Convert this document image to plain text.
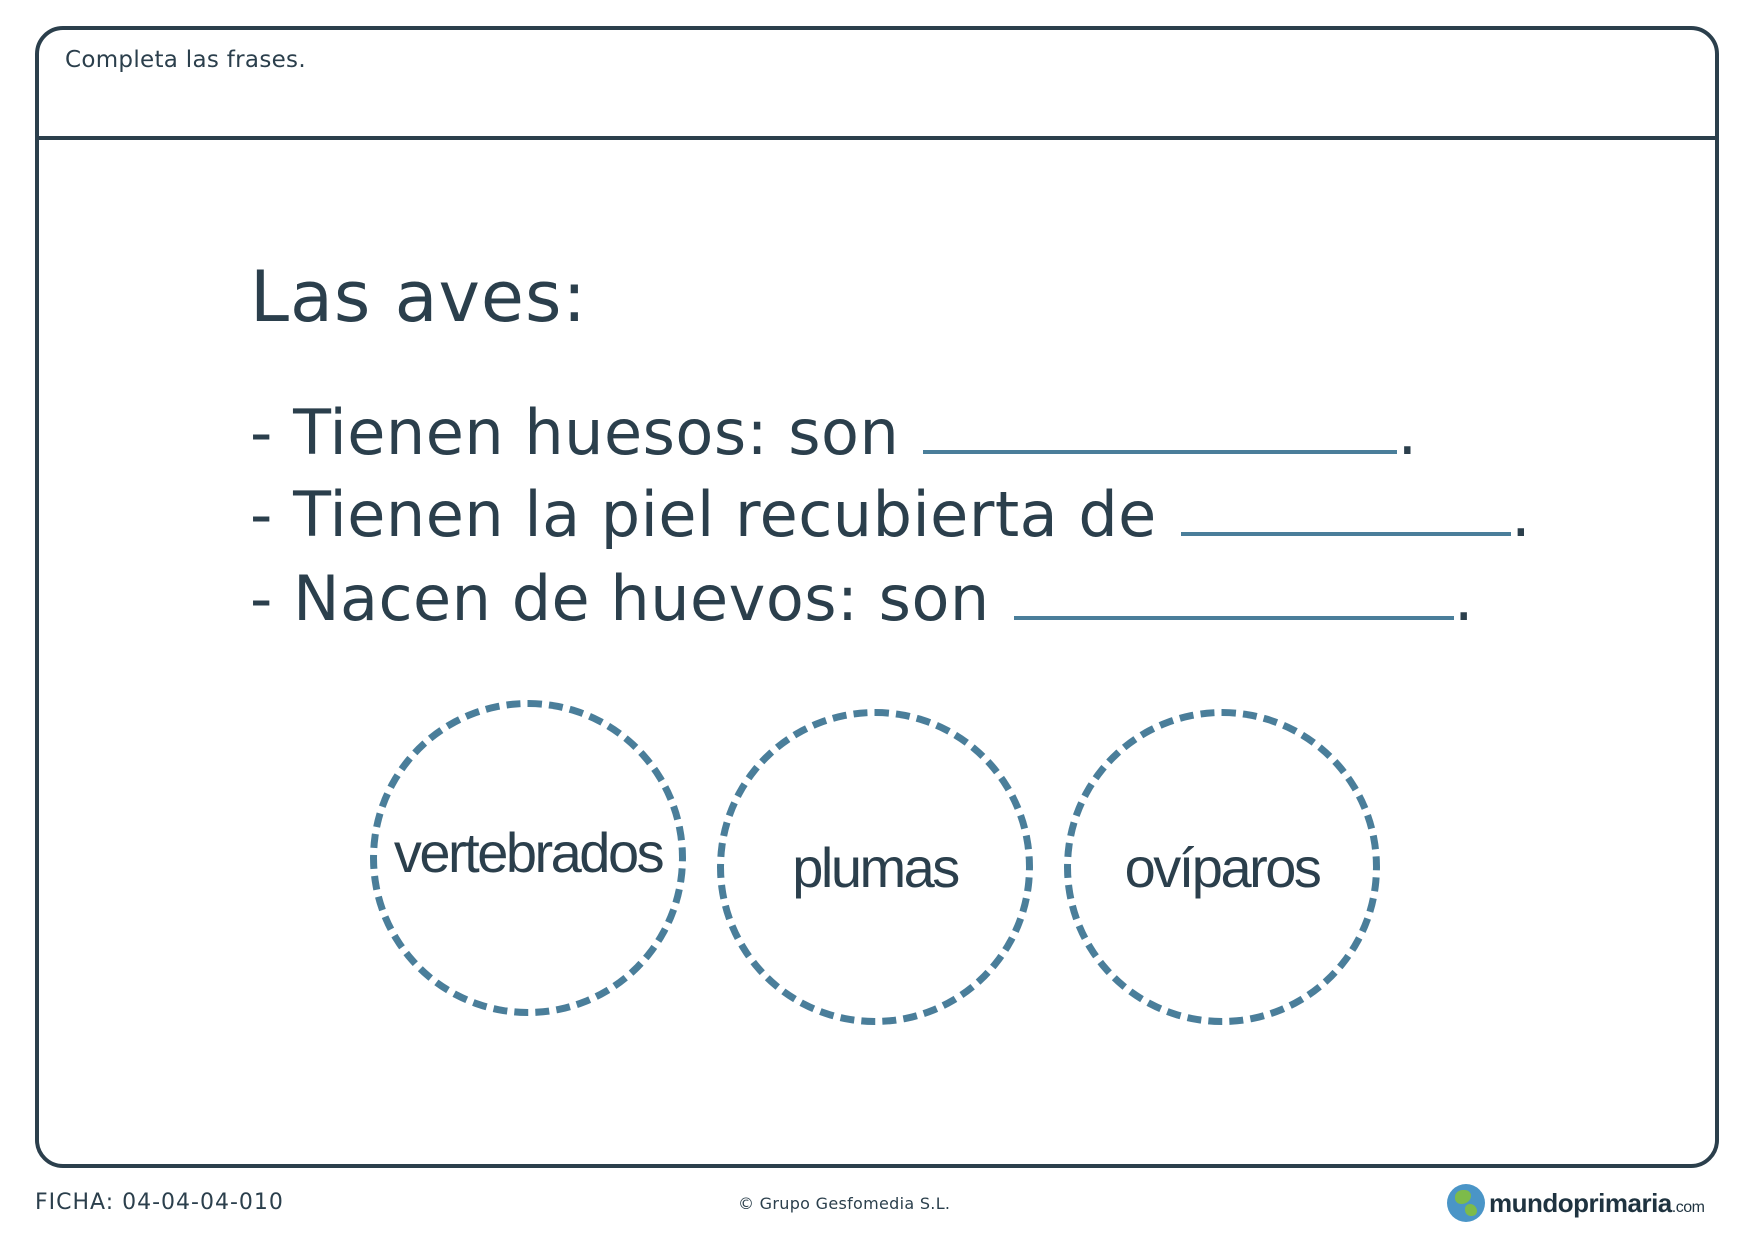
Completa las frases.
Las aves:
- Tienen huesos: son	.
- Tienen la piel recubierta de	.
- Nacen de huevos: son	.
vertebrados plumas	ovíparos
FICHA: 04-04-04-010	© Grupo Gesfomedia S.L.	mundoprimaria.com
